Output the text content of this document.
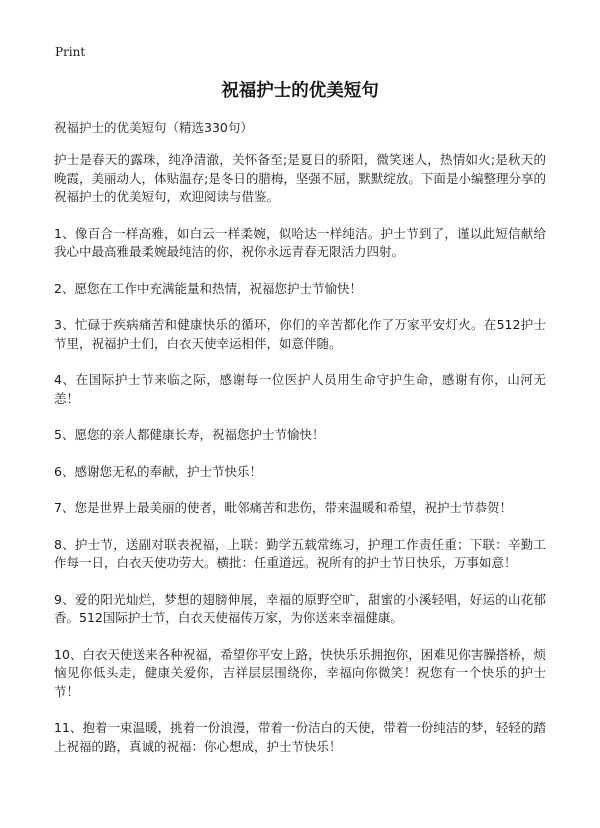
Print
祝福护士的优美短句

祝福护士的优美短句（精选330句）

护士是春天的露珠，纯净清澈，关怀备至;是夏日的骄阳，微笑迷人，热情如火;是秋天的晚霞，美丽动人，体贴温存;是冬日的腊梅，坚强不屈，默默绽放。下面是小编整理分享的祝福护士的优美短句，欢迎阅读与借鉴。

1、像百合一样高雅，如白云一样柔婉，似哈达一样纯洁。护士节到了，谨以此短信献给我心中最高雅最柔婉最纯洁的你，祝你永远青春无限活力四射。

2、愿您在工作中充满能量和热情，祝福您护士节愉快！

3、忙碌于疾病痛苦和健康快乐的循环，你们的辛苦都化作了万家平安灯火。在512护士节里，祝福护士们，白衣天使幸运相伴，如意伴随。

4、在国际护士节来临之际，感谢每一位医护人员用生命守护生命，感谢有你，山河无恙！

5、愿您的亲人都健康长寿，祝福您护士节愉快！

6、感谢您无私的奉献，护士节快乐！

7、您是世界上最美丽的使者，毗邻痛苦和悲伤，带来温暖和希望，祝护士节恭贺！

8、护士节，送副对联表祝福，上联：勤学五载常练习，护理工作责任重；下联：辛勤工作每一日，白衣天使功劳大。横批：任重道远。祝所有的护士节日快乐，万事如意！

9、爱的阳光灿烂，梦想的翅膀伸展，幸福的原野空旷，甜蜜的小溪轻唱，好运的山花郁香。512国际护士节，白衣天使福传万家，为你送来幸福健康。

10、白衣天使送来各种祝福，希望你平安上路，快快乐乐拥抱你，困难见你害臊搭桥，烦恼见你低头走，健康关爱你，吉祥层层围绕你，幸福向你微笑！祝您有一个快乐的护士节！

11、抱着一束温暖，挑着一份浪漫，带着一份洁白的天使，带着一份纯洁的梦，轻轻的踏上祝福的路，真诚的祝福：你心想成，护士节快乐！
